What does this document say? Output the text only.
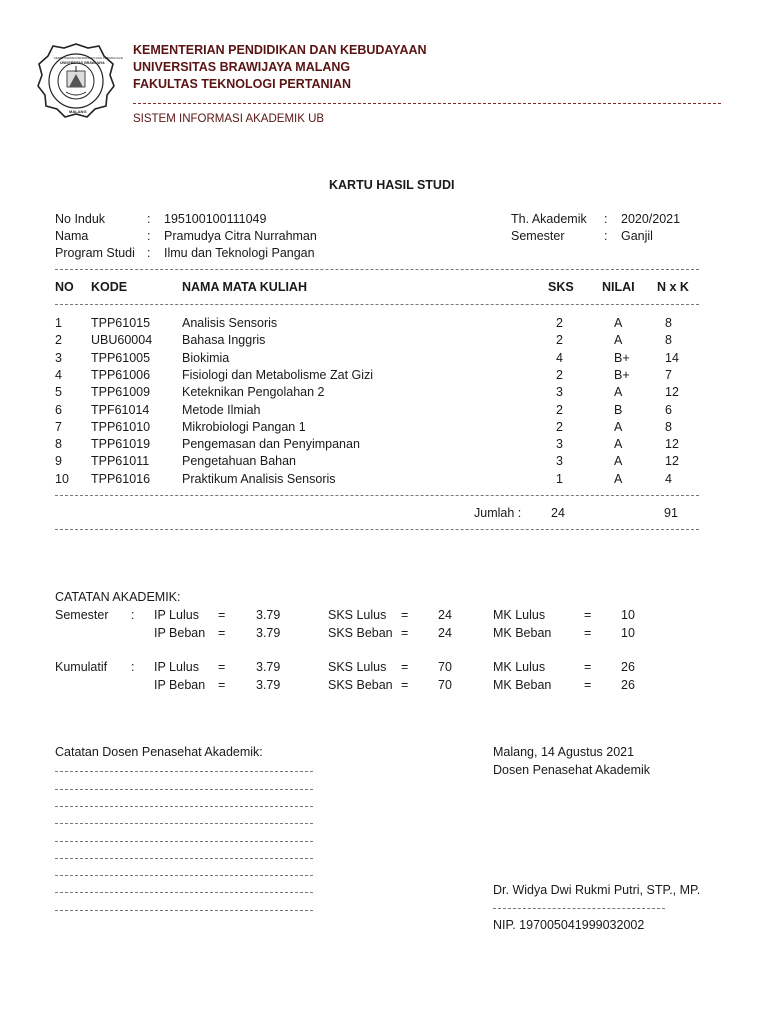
KEMENTERIAN PENDIDIKAN DAN KEBUDAYAAN
UNIVERSITAS BRAWIJAYA
MALANG
KEMENTERIAN PENDIDIKAN DAN KEBUDAYAAN
UNIVERSITAS BRAWIJAYA MALANG
FAKULTAS TEKNOLOGI PERTANIAN
SISTEM INFORMASI AKADEMIK UB
KARTU HASIL STUDI
No Induk	: 195100100111049
Nama	: Pramudya Citra Nurrahman
Program Studi : Ilmu dan Teknologi Pangan
Th. Akademik : 2020/2021
Semester	: Ganjil
NO KODE	NAMA MATA KULIAH	SKS NILAI N x K
1 TPP61015	Analisis Sensoris	2	A	8
2 UBU60004 Bahasa Inggris	2	A	8
3 TPP61005	Biokimia	4	B+	14
4 TPP61006	Fisiologi dan Metabolisme Zat Gizi	2	B+	7
5 TPP61009	Keteknikan Pengolahan 2	3	A	12
6 TPF61014	Metode Ilmiah	2	B	6
7 TPP61010	Mikrobiologi Pangan 1	2	A	8
8 TPP61019	Pengemasan dan Penyimpanan	3	A	12
9 TPP61011	Pengetahuan Bahan	3	A	12
10 TPP61016	Praktikum Analisis Sensoris	1	A	4
Jumlah : 24	91
CATATAN AKADEMIK:
Semester : IP Lulus = 3.79	SKS Lulus = 24	MK Lulus	= 10
IP Beban = 3.79	SKS Beban = 24	MK Beban	= 10
Kumulatif : IP Lulus = 3.79	SKS Lulus = 70	MK Lulus	= 26
IP Beban = 3.79	SKS Beban = 70	MK Beban	= 26
Catatan Dosen Penasehat Akademik:	Malang, 14 Agustus 2021
Dosen Penasehat Akademik
Dr. Widya Dwi Rukmi Putri, STP., MP.
NIP. 197005041999032002
